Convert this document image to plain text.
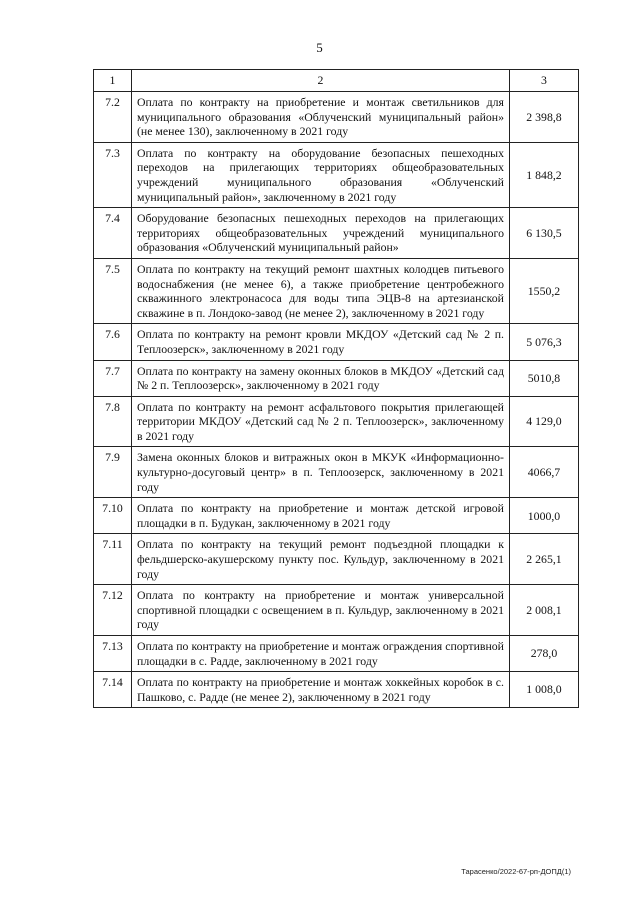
5
1	2	3
7.2	Оплата по контракту на приобретение и монтаж светильников для муниципального образования «Облученский муниципальный район» (не менее 130), заключенному в 2021 году	2 398,8
7.3	Оплата по контракту на оборудование безопасных пешеходных переходов на прилегающих территориях общеобразовательных учреждений муниципального образования «Облученский муниципальный район», заключенному в 2021 году	1 848,2
7.4	Оборудование безопасных пешеходных переходов на прилегающих территориях общеобразовательных учреждений муниципального образования «Облученский муниципальный район»	6 130,5
7.5	Оплата по контракту на текущий ремонт шахтных колодцев питьевого водоснабжения (не менее 6), а также приобретение центробежного скважинного электронасоса для воды типа ЭЦВ-8 на артезианской скважине в п. Лондоко-завод (не менее 2), заключенному в 2021 году	1550,2
7.6	Оплата по контракту на ремонт кровли МКДОУ «Детский сад № 2 п. Теплоозерск», заключенному в 2021 году	5 076,3
7.7	Оплата по контракту на замену оконных блоков в МКДОУ «Детский сад № 2 п. Теплоозерск», заключенному в 2021 году	5010,8
7.8	Оплата по контракту на ремонт асфальтового покрытия прилегающей территории МКДОУ «Детский сад № 2 п. Теплоозерск», заключенному в 2021 году	4 129,0
7.9	Замена оконных блоков и витражных окон в МКУК «Информационно-культурно-досуговый центр» в п. Теплоозерск, заключенному в 2021 году	4066,7
7.10	Оплата по контракту на приобретение и монтаж детской игровой площадки в п. Будукан, заключенному в 2021 году	1000,0
7.11	Оплата по контракту на текущий ремонт подъездной площадки к фельдшерско-акушерскому пункту пос. Кульдур, заключенному в 2021 году	2 265,1
7.12	Оплата по контракту на приобретение и монтаж универсальной спортивной площадки с освещением в п. Кульдур, заключенному в 2021 году	2 008,1
7.13	Оплата по контракту на приобретение и монтаж ограждения спортивной площадки в с. Радде, заключенному в 2021 году	278,0
7.14	Оплата по контракту на приобретение и монтаж хоккейных коробок в с. Пашково, с. Радде (не менее 2), заключенному в 2021 году	1 008,0
Тарасенко/2022-67-рп-ДОПД(1)
